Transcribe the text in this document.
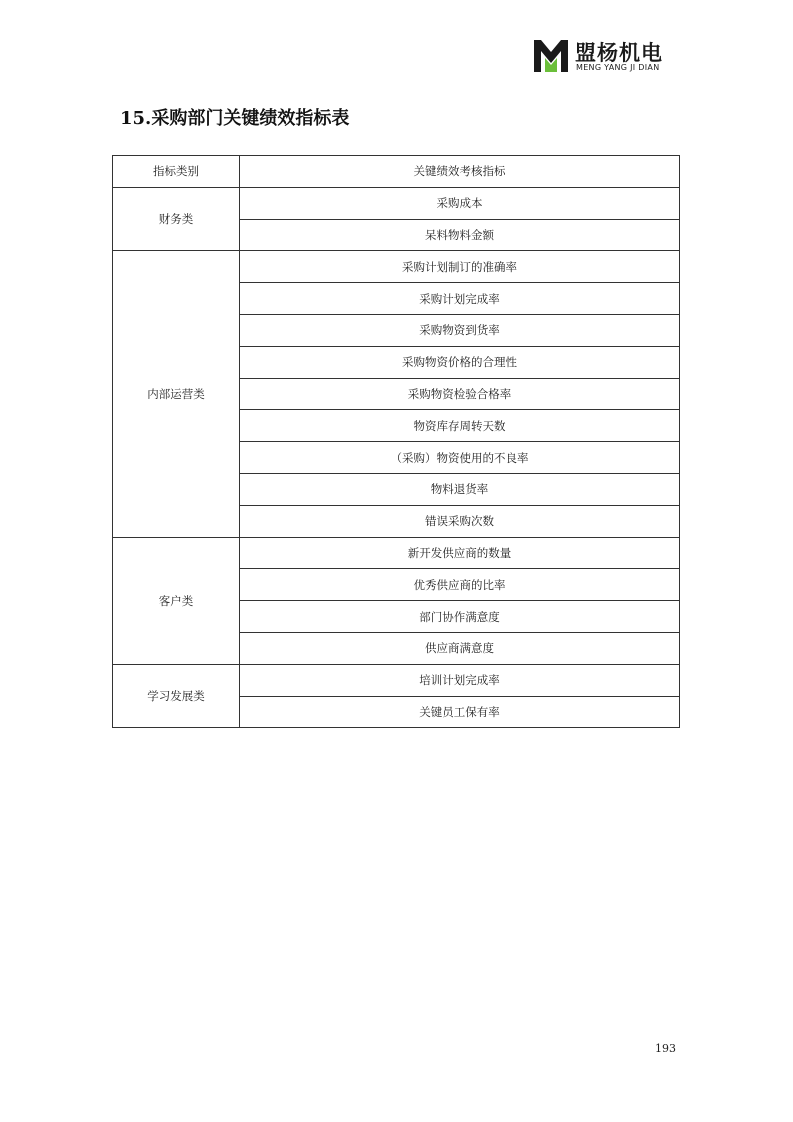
盟杨机电
MENG YANG JI DIAN
15.采购部门关键绩效指标表
指标类别	关键绩效考核指标
财务类	采购成本
	呆料物料金额
内部运营类	采购计划制订的准确率
	采购计划完成率
	采购物资到货率
	采购物资价格的合理性
	采购物资检验合格率
	物资库存周转天数
	（采购）物资使用的不良率
	物料退货率
	错误采购次数
客户类	新开发供应商的数量
	优秀供应商的比率
	部门协作满意度
	供应商满意度
学习发展类	培训计划完成率
	关键员工保有率
193
